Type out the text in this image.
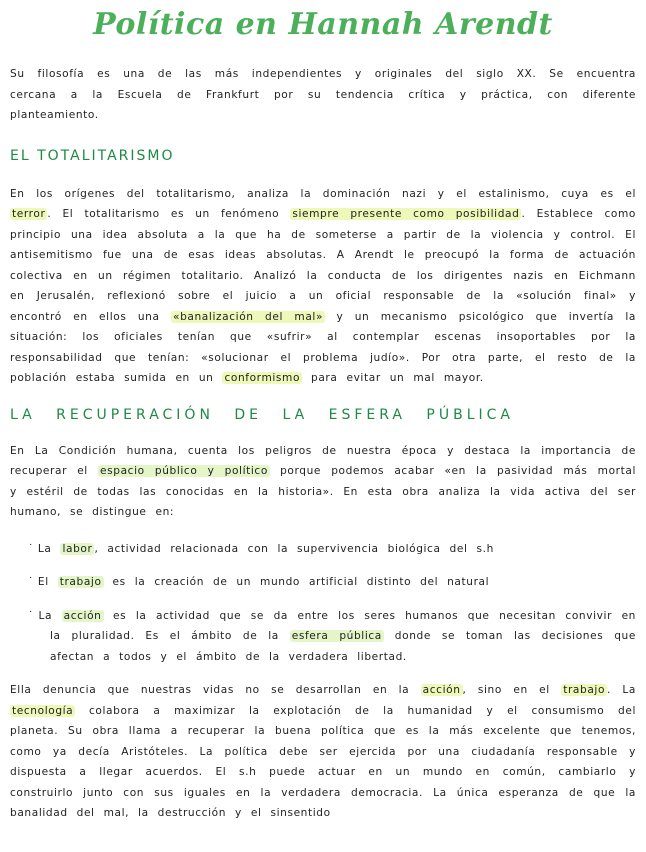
Política en Hannah Arendt

Su filosofía es una de las más independientes y originales del siglo XX. Se encuentra cercana a la Escuela de Frankfurt por su tendencia crítica y práctica, con diferente planteamiento.

EL TOTALITARISMO

En los orígenes del totalitarismo, analiza la dominación nazi y el estalinismo, cuya es el terror . El totalitarismo es un fenómeno siempre presente como posibilidad . Establece como principio una idea absoluta a la que ha de someterse a partir de la violencia y control. El antisemitismo fue una de esas ideas absolutas. A Arendt le preocupó la forma de actuación colectiva en un régimen totalitario. Analizó la conducta de los dirigentes nazis en Eichmann en Jerusalén, reflexionó sobre el juicio a un oficial responsable de la «solución final» y encontró en ellos una «banalización del mal» y un mecanismo psicológico que invertía la situación: los oficiales tenían que «sufrir» al contemplar escenas insoportables por la responsabilidad que tenían: «solucionar el problema judío». Por otra parte, el resto de la población estaba sumida en un conformismo para evitar un mal mayor.

LA RECUPERACIÓN DE LA ESFERA PÚBLICA

En La Condición humana, cuenta los peligros de nuestra época y destaca la importancia de recuperar el espacio público y político porque podemos acabar «en la pasividad más mortal y estéril de todas las conocidas en la historia». En esta obra analiza la vida activa del ser humano, se distingue en:

˙ La labor , actividad relacionada con la supervivencia biológica del s.h
˙ El trabajo es la creación de un mundo artificial distinto del natural
˙ La acción es la actividad que se da entre los seres humanos que necesitan convivir en la pluralidad. Es el ámbito de la esfera pública donde se toman las decisiones que afectan a todos y el ámbito de la verdadera libertad.

Ella denuncia que nuestras vidas no se desarrollan en la acción , sino en el trabajo . La tecnología colabora a maximizar la explotación de la humanidad y el consumismo del planeta. Su obra llama a recuperar la buena política que es la más excelente que tenemos, como ya decía Aristóteles. La política debe ser ejercida por una ciudadanía responsable y dispuesta a llegar acuerdos. El s.h puede actuar en un mundo en común, cambiarlo y construirlo junto con sus iguales en la verdadera democracia. La única esperanza de que la banalidad del mal, la destrucción y el sinsentido
